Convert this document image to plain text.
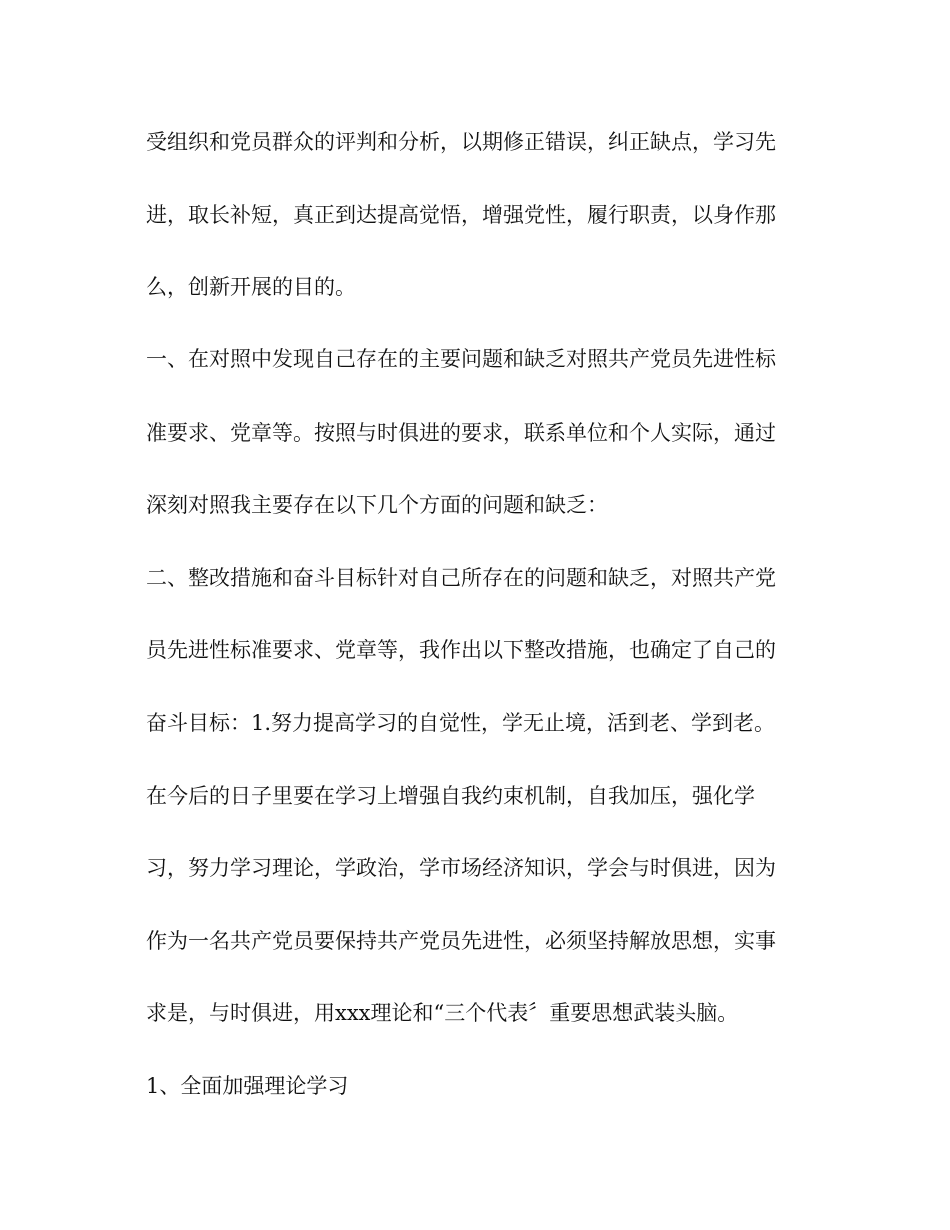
受组织和党员群众的评判和分析，以期修正错误，纠正缺点，学习先

进，取长补短，真正到达提高觉悟，增强党性，履行职责，以身作那

么，创新开展的目的。

一、在对照中发现自己存在的主要问题和缺乏对照共产党员先进性标

准要求、党章等。按照与时俱进的要求，联系单位和个人实际，通过

深刻对照我主要存在以下几个方面的问题和缺乏：

二、整改措施和奋斗目标针对自己所存在的问题和缺乏，对照共产党

员先进性标准要求、党章等，我作出以下整改措施，也确定了自己的

奋斗目标：1.努力提高学习的自觉性，学无止境，活到老、学到老。

在今后的日子里要在学习上增强自我约束机制，自我加压，强化学

习，努力学习理论，学政治，学市场经济知识，学会与时俱进，因为

作为一名共产党员要保持共产党员先进性，必须坚持解放思想，实事

求是，与时俱进，用xxx理论和“三个代表〞重要思想武装头脑。

1、全面加强理论学习
